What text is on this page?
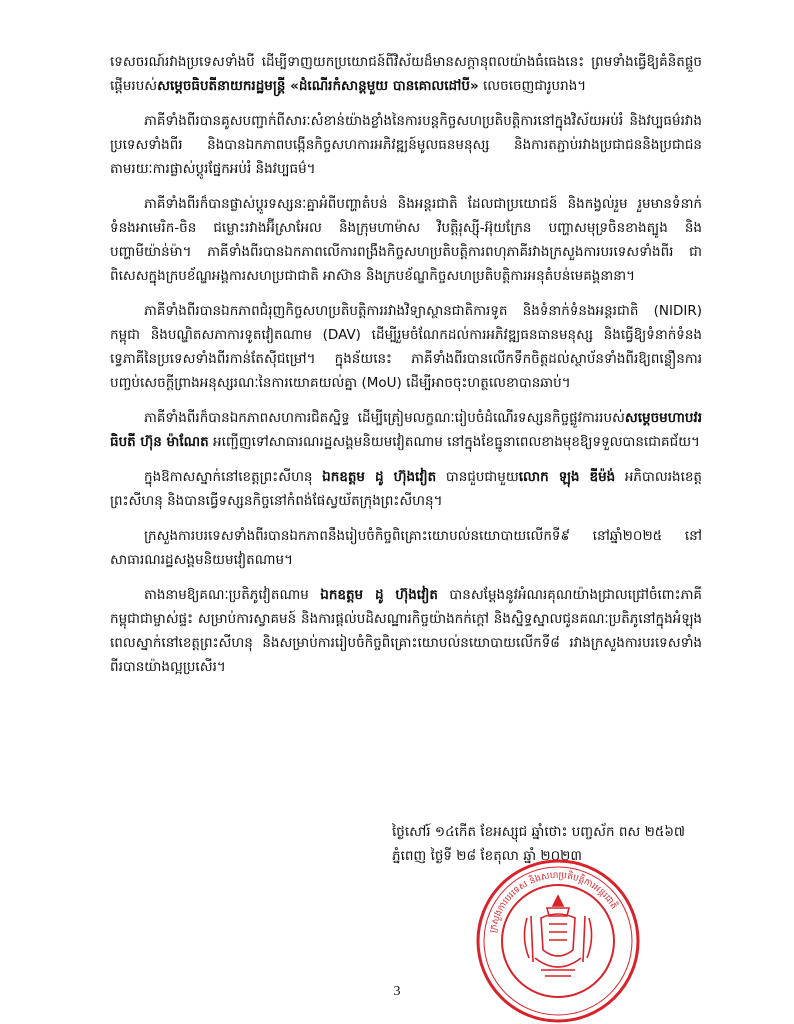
ទេសចរណ៍រវាងប្រទេសទាំងបី ដើម្បីទាញយកប្រយោជន៍ពីវិស័យដ៏មានសក្តានុពលយ៉ាងធំធេងនេះ ព្រមទាំងធ្វើឱ្យគំនិតផ្តួចផ្តើមរបស់សម្តេចធិបតីនាយករដ្ឋមន្ត្រី «ដំណើរកំសាន្តមួយ បានគោលដៅបី» លេចចេញជារូបរាង។

ភាគីទាំងពីរបានគូសបញ្ជាក់ពីសារៈសំខាន់យ៉ាងខ្លាំងនៃការបន្តកិច្ចសហប្រតិបត្តិការនៅក្នុងវិស័យអប់រំ និងវប្បធម៌រវាងប្រទេសទាំងពីរ និងបានឯកភាពបង្កើនកិច្ចសហការអភិវឌ្ឍន៍មូលធនមនុស្ស និងការតភ្ជាប់រវាងប្រជាជននិងប្រជាជន តាមរយៈការផ្លាស់ប្តូរផ្នែកអប់រំ និងវប្បធម៌។

ភាគីទាំងពីរក៏បានផ្លាស់ប្តូរទស្សនៈគ្នាអំពីបញ្ហាតំបន់ និងអន្តរជាតិ ដែលជាប្រយោជន៍ និងកង្វល់រួម រួមមានទំនាក់ទំនងអាមេរិក-ចិន ជម្លោះរវាងអ៊ីស្រាអែល និងក្រុមហាម៉ាស វិបត្តិរុស្ស៊ី-អ៊ុយក្រែន បញ្ហាសមុទ្រចិនខាងត្បូង និងបញ្ហាមីយ៉ាន់ម៉ា។ ភាគីទាំងពីរបានឯកភាពលើការពង្រឹងកិច្ចសហប្រតិបត្តិការពហុភាគីរវាងក្រសួងការបរទេសទាំងពីរ ជាពិសេសក្នុងក្របខ័ណ្ឌអង្គការសហប្រជាជាតិ អាស៊ាន និងក្របខ័ណ្ឌកិច្ចសហប្រតិបត្តិការអនុតំបន់មេគង្គនានា។

ភាគីទាំងពីរបានឯកភាពជំរុញកិច្ចសហប្រតិបត្តិការរវាងវិទ្យាស្ថានជាតិការទូត និងទំនាក់ទំនងអន្តរជាតិ (NIDIR) កម្ពុជា និងបណ្ឌិតសភាការទូតវៀតណាម (DAV) ដើម្បីរួមចំណែកដល់ការអភិវឌ្ឍធនធានមនុស្ស និងធ្វើឱ្យទំនាក់ទំនងទ្វេភាគីនៃប្រទេសទាំងពីរកាន់តែស៊ីជម្រៅ។ ក្នុងន័យនេះ ភាគីទាំងពីរបានលើកទឹកចិត្តដល់ស្ថាប័នទាំងពីរឱ្យពន្លឿនការបញ្ចប់សេចក្តីព្រាងអនុស្សរណៈនៃការយោគយល់គ្នា (MoU) ដើម្បីអាចចុះហត្ថលេខាបានឆាប់។

ភាគីទាំងពីរក៏បានឯកភាពសហការជិតស្និទ្ធ ដើម្បីត្រៀមលក្ខណៈរៀបចំដំណើរទស្សនកិច្ចផ្លូវការរបស់សម្តេចមហាបវរធិបតី ហ៊ុន ម៉ាណែត អញ្ជើញទៅសាធារណរដ្ឋសង្គមនិយមវៀតណាម នៅក្នុងខែធ្នូនាពេលខាងមុខឱ្យទទួលបានជោគជ័យ។

ក្នុងឱកាសស្នាក់នៅខេត្តព្រះសីហនុ ឯកឧត្តម ដូ ហ៊ុងវៀត បានជួបជាមួយលោក ឡុង឵ ឌីម៉ង់ អភិបាលរងខេត្តព្រះសីហនុ និងបានធ្វើទស្សនកិច្ចនៅកំពង់ផែស្វយ័តក្រុងព្រះសីហនុ។

ក្រសួងការបរទេសទាំងពីរបានឯកភាពនឹងរៀបចំកិច្ចពិគ្រោះយោបល់នយោបាយលើកទី៩ នៅឆ្នាំ២០២៥ នៅសាធារណរដ្ឋសង្គមនិយមវៀតណាម។

តាងនាមឱ្យគណៈប្រតិភូវៀតណាម ឯកឧត្តម ដូ ហ៊ុងវៀត បានសម្តែងនូវអំណរគុណយ៉ាងជ្រាលជ្រៅចំពោះភាគីកម្ពុជាជាម្ចាស់ផ្ទះ សម្រាប់ការស្វាគមន៍ និងការផ្តល់បដិសណ្ឋារកិច្ចយ៉ាងកក់ក្តៅ និងស្និទ្ធស្នាលជូនគណៈប្រតិភូនៅក្នុងអំឡុងពេលស្នាក់នៅខេត្តព្រះសីហនុ និងសម្រាប់ការរៀបចំកិច្ចពិគ្រោះយោបល់នយោបាយលើកទី៨ រវាងក្រសួងការបរទេសទាំងពីរបានយ៉ាងល្អប្រសើរ។

ថ្ងៃសៅរ៍ ១៤កើត ខែអស្សុជ ឆ្នាំថោះ បញ្ចស័ក ពស ២៥៦៧
ភ្នំពេញ ថ្ងៃទី ២៨ ខែតុលា ឆ្នាំ ២០២៣
ក្រសួងការបរទេស និងសហប្រតិបត្តិការអន្តរជាតិ
3
